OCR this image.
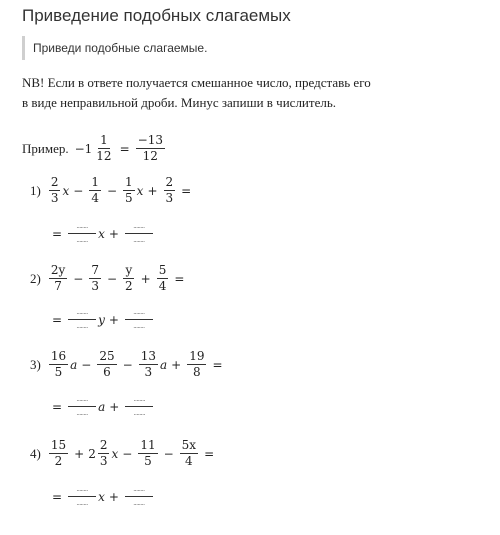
Приведение подобных слагаемых
Приведи подобные слагаемые.
NB! Если в ответе получается смешанное число, представь его
в виде неправильной дроби. Минус запиши в числитель.
Пример. $-1 \frac{1}{12} = \frac{-13}{12}$
$1) \frac{2}{3}$ $x - \frac{1}{4} - \frac{1}{5}$ $x + \frac{2}{3}$ =
= $\frac{........}{........}$ $x + \frac{........}{........}$
$2) \frac{2y}{7} - \frac{7}{3} - \frac{y}{2} + \frac{5}{4}$ =
= $\frac{........}{........}$ $y + \frac{........}{........}$
$3) \frac{16}{5}$ $a - \frac{25}{6} - \frac{13}{3}$ $a + \frac{19}{8}$ =
= $\frac{........}{........}$ $a + \frac{........}{........}$
$4) \frac{15}{2} + 2 \frac{2}{3}$ $x - \frac{11}{5} - \frac{5x}{4}$ =
= $\frac{........}{........}$ $x + \frac{........}{........}$
